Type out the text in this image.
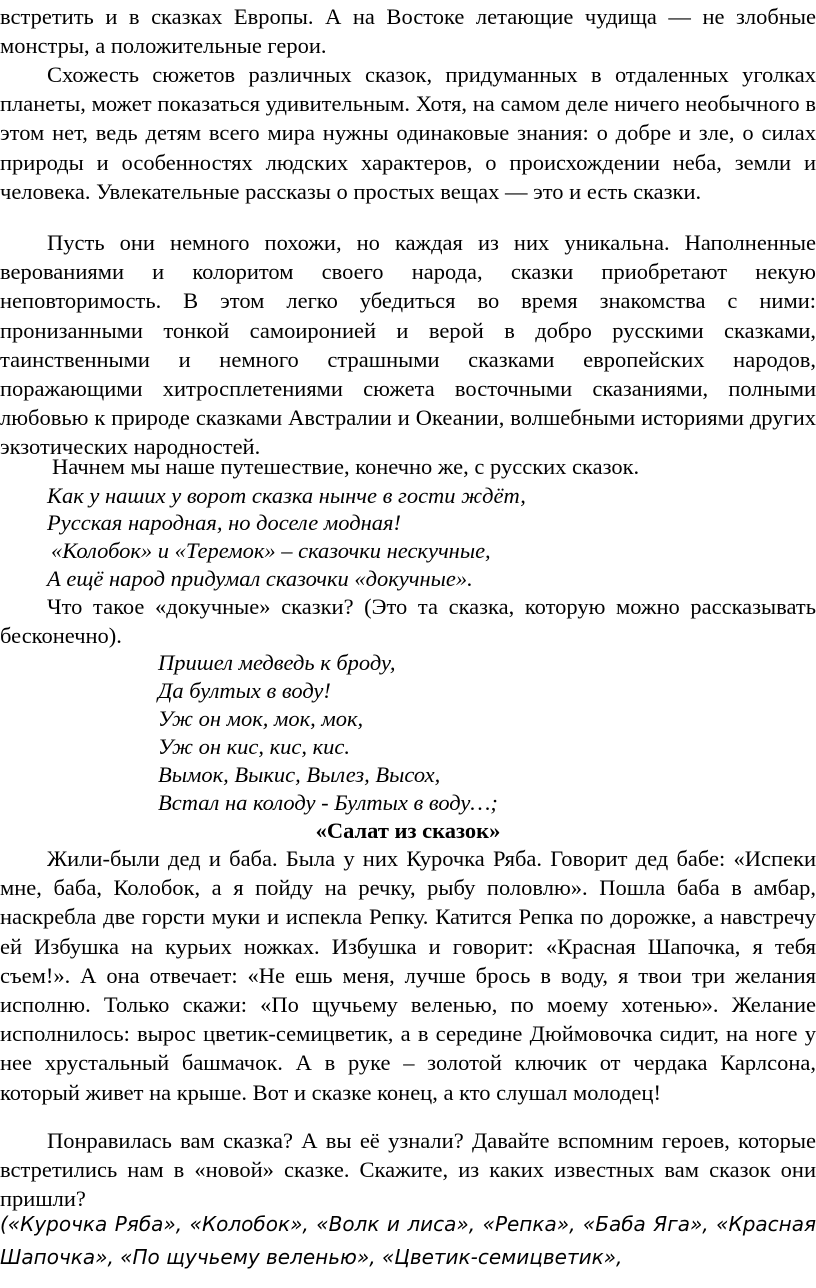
встретить и в сказках Европы. А на Востоке летающие чудища — не злобные монстры, а положительные герои.

Схожесть сюжетов различных сказок, придуманных в отдаленных уголках планеты, может показаться удивительным. Хотя, на самом деле ничего необычного в этом нет, ведь детям всего мира нужны одинаковые знания: о добре и зле, о силах природы и особенностях людских характеров, о происхождении неба, земли и человека. Увлекательные рассказы о простых вещах — это и есть сказки.

Пусть они немного похожи, но каждая из них уникальна. Наполненные верованиями и колоритом своего народа, сказки приобретают некую неповторимость. В этом легко убедиться во время знакомства с ними: пронизанными тонкой самоиронией и верой в добро русскими сказками, таинственными и немного страшными сказками европейских народов, поражающими хитросплетениями сюжета восточными сказаниями, полными любовью к природе сказками Австралии и Океании, волшебными историями других экзотических народностей.

Начнем мы наше путешествие, конечно же, с русских сказок.

Как у наших у ворот сказка нынче в гости ждёт,

Русская народная, но доселе модная!

«Колобок» и «Теремок» – сказочки нескучные,

А ещё народ придумал сказочки «докучные».

Что такое «докучные» сказки? (Это та сказка, которую можно рассказывать бесконечно).

Пришел медведь к броду,

Да бултых в воду!

Уж он мок, мок, мок,

Уж он кис, кис, кис.

Вымок, Выкис, Вылез, Высох,

Встал на колоду - Бултых в воду…;

«Салат из сказок»

Жили-были дед и баба. Была у них Курочка Ряба. Говорит дед бабе: «Испеки мне, баба, Колобок, а я пойду на речку, рыбу половлю». Пошла баба в амбар, наскребла две горсти муки и испекла Репку. Катится Репка по дорожке, а навстречу ей Избушка на курьих ножках. Избушка и говорит: «Красная Шапочка, я тебя съем!». А она отвечает: «Не ешь меня, лучше брось в воду, я твои три желания исполню. Только скажи: «По щучьему веленью, по моему хотенью». Желание исполнилось: вырос цветик-семицветик, а в середине Дюймовочка сидит, на ноге у нее хрустальный башмачок. А в руке – золотой ключик от чердака Карлсона, который живет на крыше. Вот и сказке конец, а кто слушал молодец!

Понравилась вам сказка? А вы её узнали? Давайте вспомним героев, которые встретились нам в «новой» сказке. Скажите, из каких известных вам сказок они пришли?

(«Курочка Ряба», «Колобок», «Волк и лиса», «Репка», «Баба Яга», «Красная Шапочка», «По щучьему веленью», «Цветик-семицветик»,
